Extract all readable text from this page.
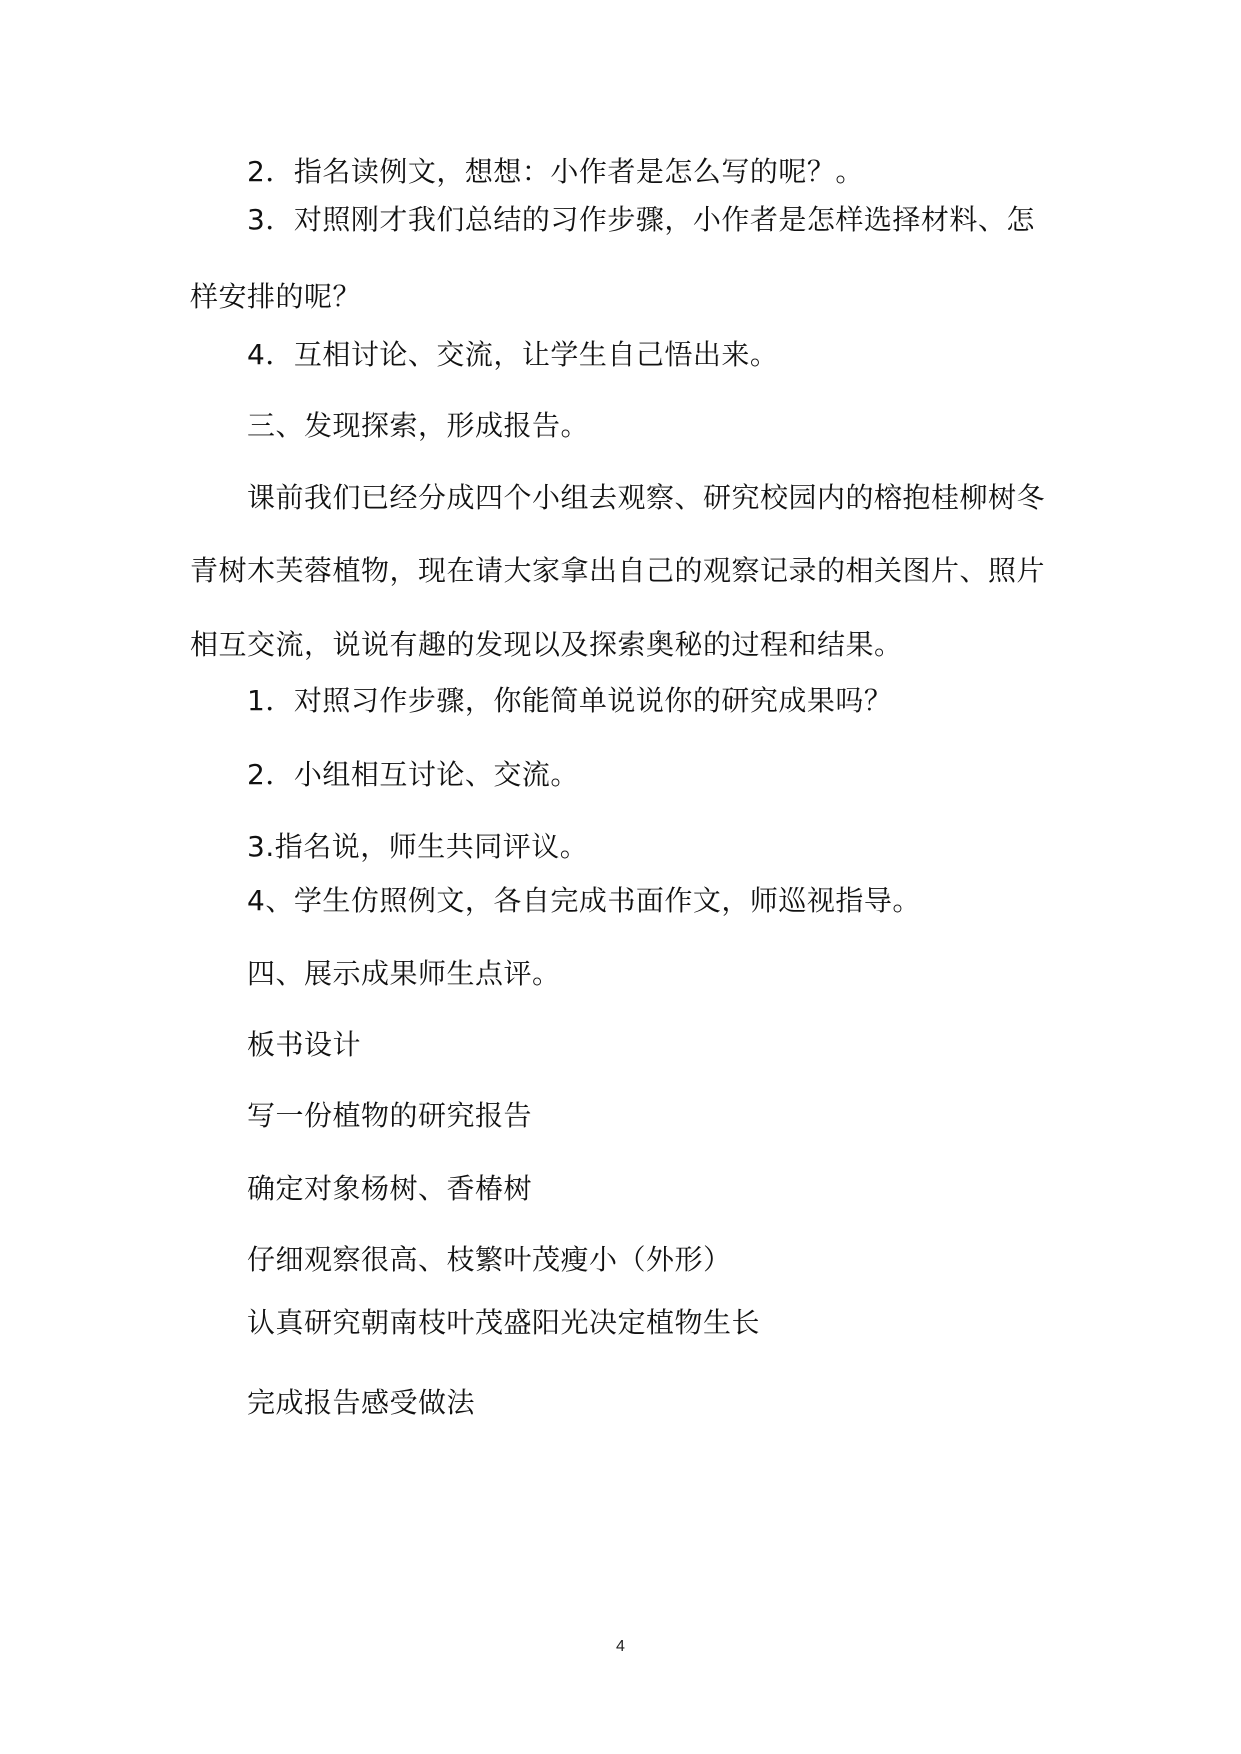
2．指名读例文，想想：小作者是怎么写的呢？。
3．对照刚才我们总结的习作步骤，小作者是怎样选择材料、怎
样安排的呢？
4．互相讨论、交流，让学生自己悟出来。
三、发现探索，形成报告。
课前我们已经分成四个小组去观察、研究校园内的榕抱桂柳树冬
青树木芙蓉植物，现在请大家拿出自己的观察记录的相关图片、照片
相互交流，说说有趣的发现以及探索奥秘的过程和结果。
1．对照习作步骤，你能简单说说你的研究成果吗？
2．小组相互讨论、交流。
3.指名说，师生共同评议。
4、学生仿照例文，各自完成书面作文，师巡视指导。
四、展示成果师生点评。
板书设计
写一份植物的研究报告
确定对象杨树、香椿树
仔细观察很高、枝繁叶茂瘦小（外形）
认真研究朝南枝叶茂盛阳光决定植物生长
完成报告感受做法
4
